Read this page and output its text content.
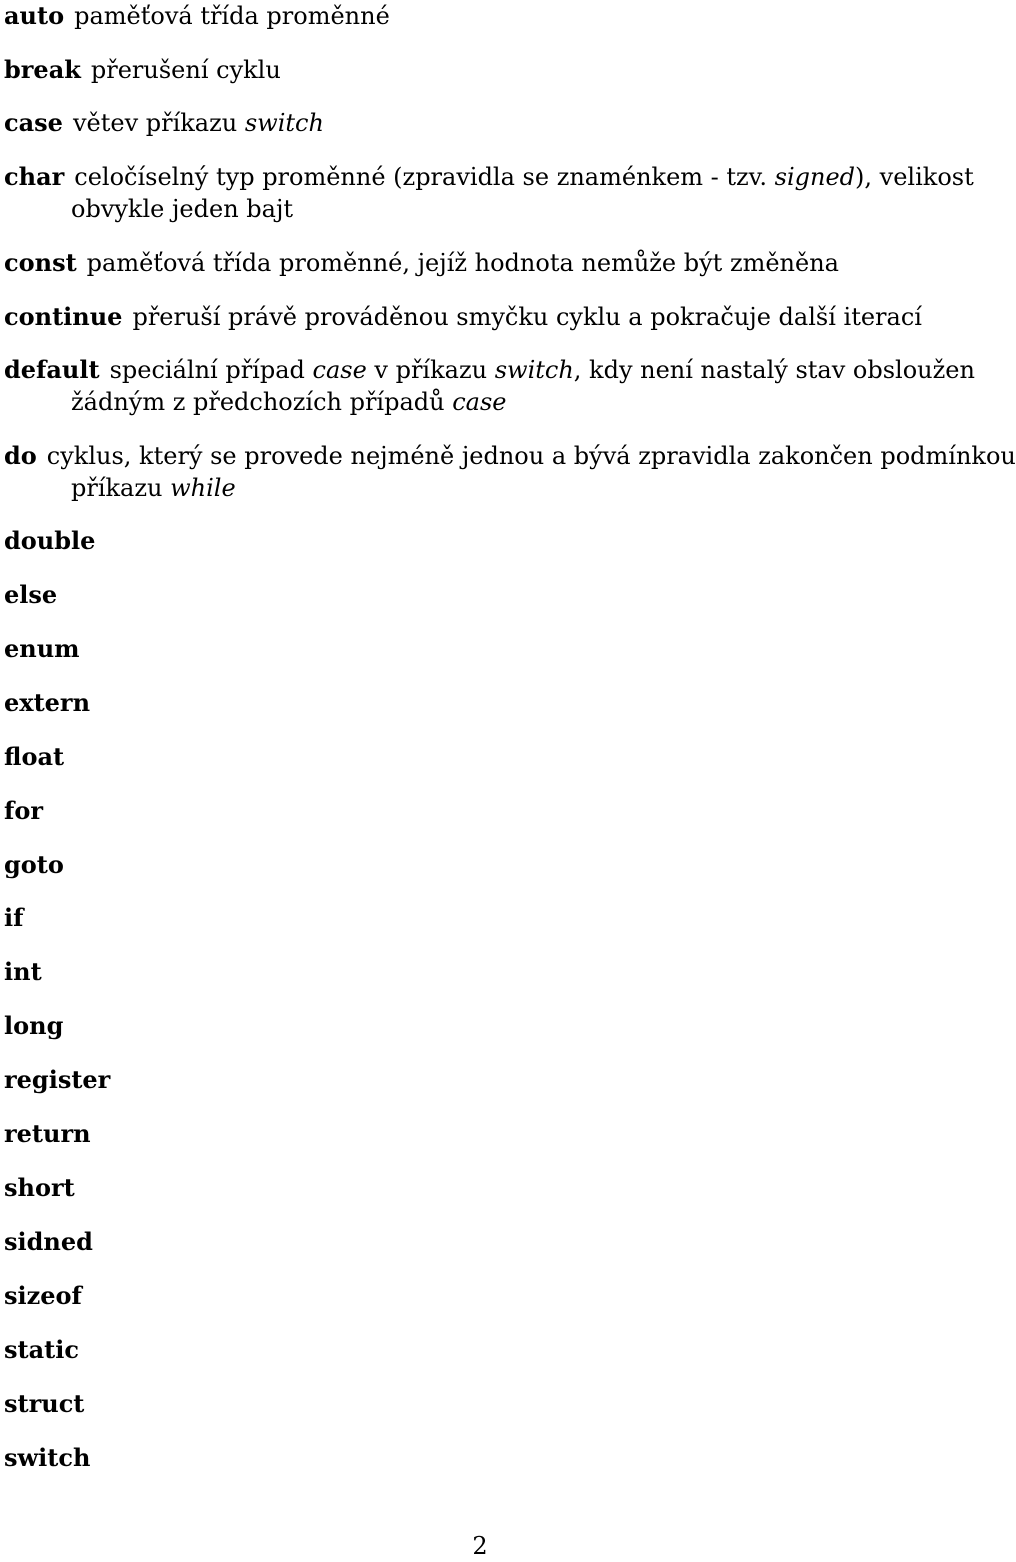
auto paměťová třída proměnné
break přerušení cyklu
case větev příkazu switch
char celočíselný typ proměnné (zpravidla se znaménkem - tzv. signed), velikost
obvykle jeden bajt
const paměťová třída proměnné, jejíž hodnota nemůže být změněna
continue přeruší právě prováděnou smyčku cyklu a pokračuje další iterací
default speciální případ case v příkazu switch, kdy není nastalý stav obsloužen
žádným z předchozích případů case
do cyklus, který se provede nejméně jednou a bývá zpravidla zakončen podmínkou
příkazu while
double
else
enum
extern
float
for
goto
if
int
long
register
return
short
sidned
sizeof
static
struct
switch
2
